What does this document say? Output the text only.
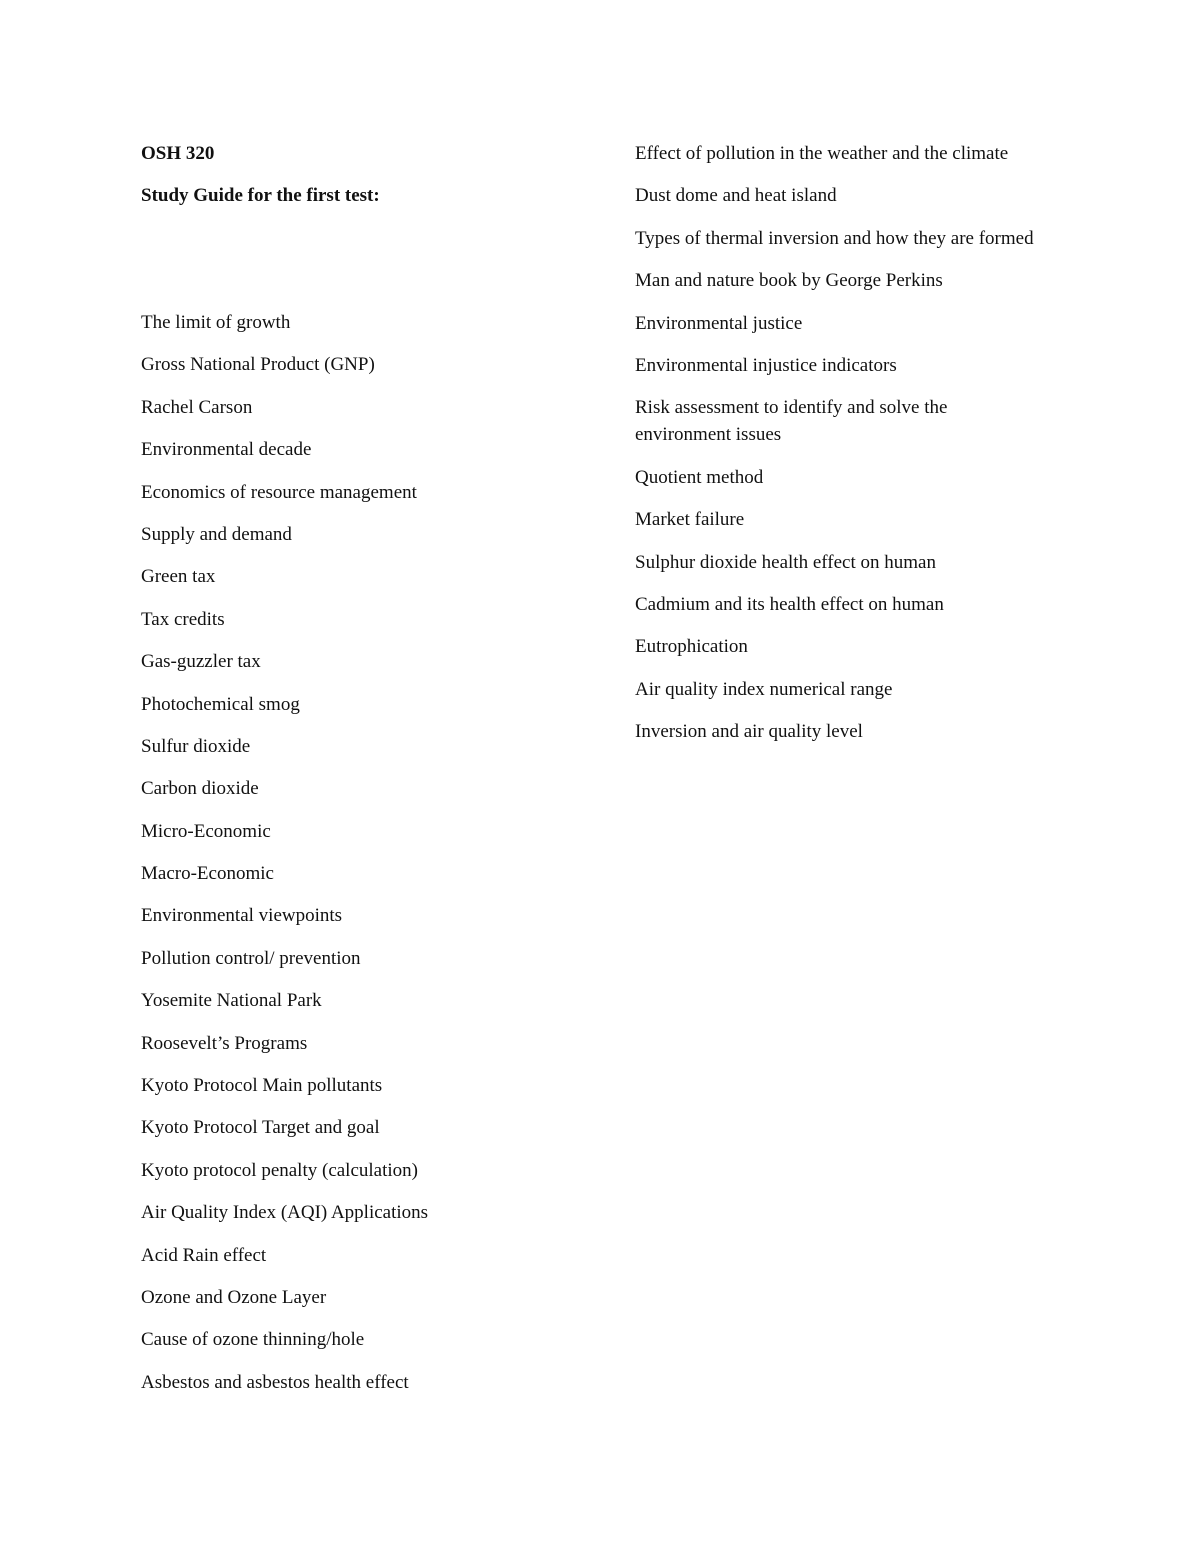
OSH 320
Study Guide for the first test:
The limit of growth
Gross National Product (GNP)
Rachel Carson
Environmental decade
Economics of resource management
Supply and demand
Green tax
Tax credits
Gas-guzzler tax
Photochemical smog
Sulfur dioxide
Carbon dioxide
Micro-Economic
Macro-Economic
Environmental viewpoints
Pollution control/ prevention
Yosemite National Park
Roosevelt’s Programs
Kyoto Protocol Main pollutants
Kyoto Protocol Target and goal
Kyoto protocol penalty (calculation)
Air Quality Index (AQI) Applications
Acid Rain effect
Ozone and Ozone Layer
Cause of ozone thinning/hole
Asbestos and asbestos health effect
Effect of pollution in the weather and the climate
Dust dome and heat island
Types of thermal inversion and how they are formed
Man and nature book by George Perkins
Environmental justice
Environmental injustice indicators
Risk assessment to identify and solve the environment issues
Quotient method
Market failure
Sulphur dioxide health effect on human
Cadmium and its health effect on human
Eutrophication
Air quality index numerical range
Inversion and air quality level
